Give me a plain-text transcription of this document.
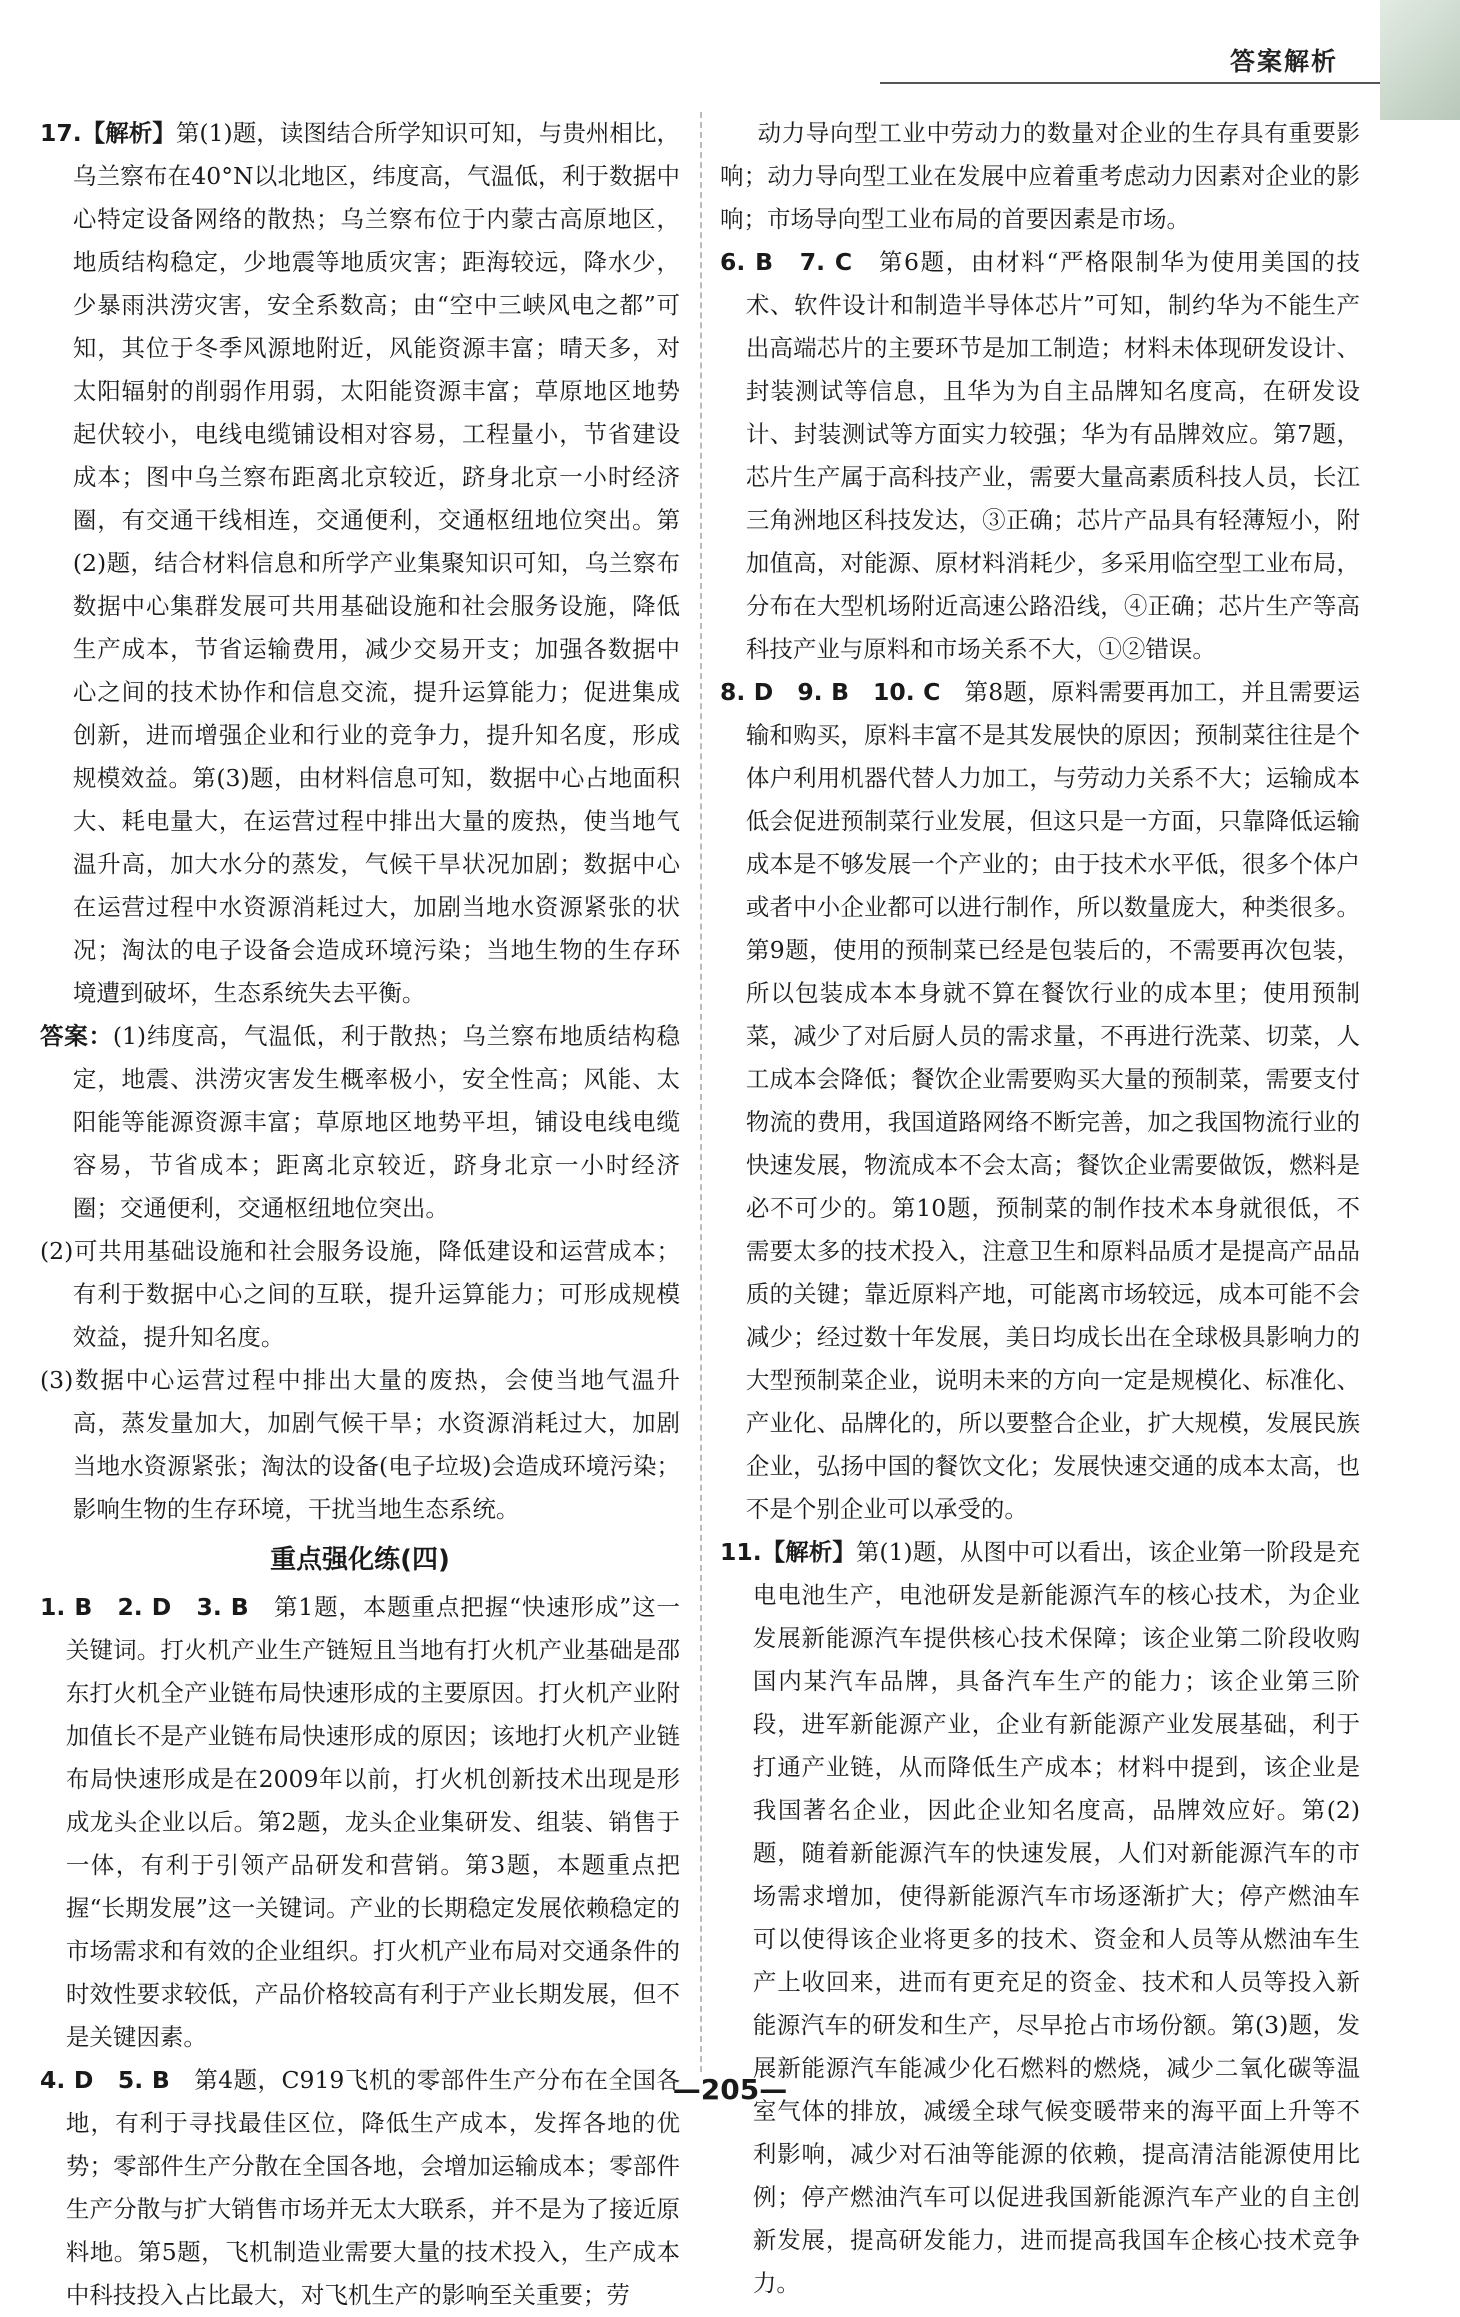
答案解析

17.【解析】第(1)题，读图结合所学知识可知，与贵州相比，乌兰察布在40°N以北地区，纬度高，气温低，利于数据中心特定设备网络的散热；乌兰察布位于内蒙古高原地区，地质结构稳定，少地震等地质灾害；距海较远，降水少，少暴雨洪涝灾害，安全系数高；由“空中三峡风电之都”可知，其位于冬季风源地附近，风能资源丰富；晴天多，对太阳辐射的削弱作用弱，太阳能资源丰富；草原地区地势起伏较小，电线电缆铺设相对容易，工程量小，节省建设成本；图中乌兰察布距离北京较近，跻身北京一小时经济圈，有交通干线相连，交通便利，交通枢纽地位突出。第(2)题，结合材料信息和所学产业集聚知识可知，乌兰察布数据中心集群发展可共用基础设施和社会服务设施，降低生产成本，节省运输费用，减少交易开支；加强各数据中心之间的技术协作和信息交流，提升运算能力；促进集成创新，进而增强企业和行业的竞争力，提升知名度，形成规模效益。第(3)题，由材料信息可知，数据中心占地面积大、耗电量大，在运营过程中排出大量的废热，使当地气温升高，加大水分的蒸发，气候干旱状况加剧；数据中心在运营过程中水资源消耗过大，加剧当地水资源紧张的状况；淘汰的电子设备会造成环境污染；当地生物的生存环境遭到破坏，生态系统失去平衡。

答案：(1)纬度高，气温低，利于散热；乌兰察布地质结构稳定，地震、洪涝灾害发生概率极小，安全性高；风能、太阳能等能源资源丰富；草原地区地势平坦，铺设电线电缆容易，节省成本；距离北京较近，跻身北京一小时经济圈；交通便利，交通枢纽地位突出。

(2)可共用基础设施和社会服务设施，降低建设和运营成本；有利于数据中心之间的互联，提升运算能力；可形成规模效益，提升知名度。

(3)数据中心运营过程中排出大量的废热，会使当地气温升高，蒸发量加大，加剧气候干旱；水资源消耗过大，加剧当地水资源紧张；淘汰的设备(电子垃圾)会造成环境污染；影响生物的生存环境，干扰当地生态系统。

重点强化练(四)

1. B　2. D　3. B　 第1题，本题重点把握“快速形成”这一关键词。打火机产业生产链短且当地有打火机产业基础是邵东打火机全产业链布局快速形成的主要原因。打火机产业附加值长不是产业链布局快速形成的原因；该地打火机产业链布局快速形成是在2009年以前，打火机创新技术出现是形成龙头企业以后。第2题，龙头企业集研发、组装、销售于一体，有利于引领产品研发和营销。第3题，本题重点把握“长期发展”这一关键词。产业的长期稳定发展依赖稳定的市场需求和有效的企业组织。打火机产业布局对交通条件的时效性要求较低，产品价格较高有利于产业长期发展，但不是关键因素。

4. D　5. B　 第4题，C919飞机的零部件生产分布在全国各地，有利于寻找最佳区位，降低生产成本，发挥各地的优势；零部件生产分散在全国各地，会增加运输成本；零部件生产分散与扩大销售市场并无太大联系，并不是为了接近原料地。第5题，飞机制造业需要大量的技术投入，生产成本中科技投入占比最大，对飞机生产的影响至关重要；劳

动力导向型工业中劳动力的数量对企业的生存具有重要影响；动力导向型工业在发展中应着重考虑动力因素对企业的影响；市场导向型工业布局的首要因素是市场。

6. B　7. C　 第6题，由材料“严格限制华为使用美国的技术、软件设计和制造半导体芯片”可知，制约华为不能生产出高端芯片的主要环节是加工制造；材料未体现研发设计、封装测试等信息，且华为为自主品牌知名度高，在研发设计、封装测试等方面实力较强；华为有品牌效应。第7题，芯片生产属于高科技产业，需要大量高素质科技人员，长江三角洲地区科技发达，③正确；芯片产品具有轻薄短小，附加值高，对能源、原材料消耗少，多采用临空型工业布局，分布在大型机场附近高速公路沿线，④正确；芯片生产等高科技产业与原料和市场关系不大，①②错误。

8. D　9. B　10. C　 第8题，原料需要再加工，并且需要运输和购买，原料丰富不是其发展快的原因；预制菜往往是个体户利用机器代替人力加工，与劳动力关系不大；运输成本低会促进预制菜行业发展，但这只是一方面，只靠降低运输成本是不够发展一个产业的；由于技术水平低，很多个体户或者中小企业都可以进行制作，所以数量庞大，种类很多。第9题，使用的预制菜已经是包装后的，不需要再次包装，所以包装成本本身就不算在餐饮行业的成本里；使用预制菜，减少了对后厨人员的需求量，不再进行洗菜、切菜，人工成本会降低；餐饮企业需要购买大量的预制菜，需要支付物流的费用，我国道路网络不断完善，加之我国物流行业的快速发展，物流成本不会太高；餐饮企业需要做饭，燃料是必不可少的。第10题，预制菜的制作技术本身就很低，不需要太多的技术投入，注意卫生和原料品质才是提高产品品质的关键；靠近原料产地，可能离市场较远，成本可能不会减少；经过数十年发展，美日均成长出在全球极具影响力的大型预制菜企业，说明未来的方向一定是规模化、标准化、产业化、品牌化的，所以要整合企业，扩大规模，发展民族企业，弘扬中国的餐饮文化；发展快速交通的成本太高，也不是个别企业可以承受的。

11.【解析】第(1)题，从图中可以看出，该企业第一阶段是充电电池生产，电池研发是新能源汽车的核心技术，为企业发展新能源汽车提供核心技术保障；该企业第二阶段收购国内某汽车品牌，具备汽车生产的能力；该企业第三阶段，进军新能源产业，企业有新能源产业发展基础，利于打通产业链，从而降低生产成本；材料中提到，该企业是我国著名企业，因此企业知名度高，品牌效应好。第(2)题，随着新能源汽车的快速发展，人们对新能源汽车的市场需求增加，使得新能源汽车市场逐渐扩大；停产燃油车可以使得该企业将更多的技术、资金和人员等从燃油车生产上收回来，进而有更充足的资金、技术和人员等投入新能源汽车的研发和生产，尽早抢占市场份额。第(3)题，发展新能源汽车能减少化石燃料的燃烧，减少二氧化碳等温室气体的排放，减缓全球气候变暖带来的海平面上升等不利影响，减少对石油等能源的依赖，提高清洁能源使用比例；停产燃油汽车可以促进我国新能源汽车产业的自主创新发展，提高研发能力，进而提高我国车企核心技术竞争力。

—205—
